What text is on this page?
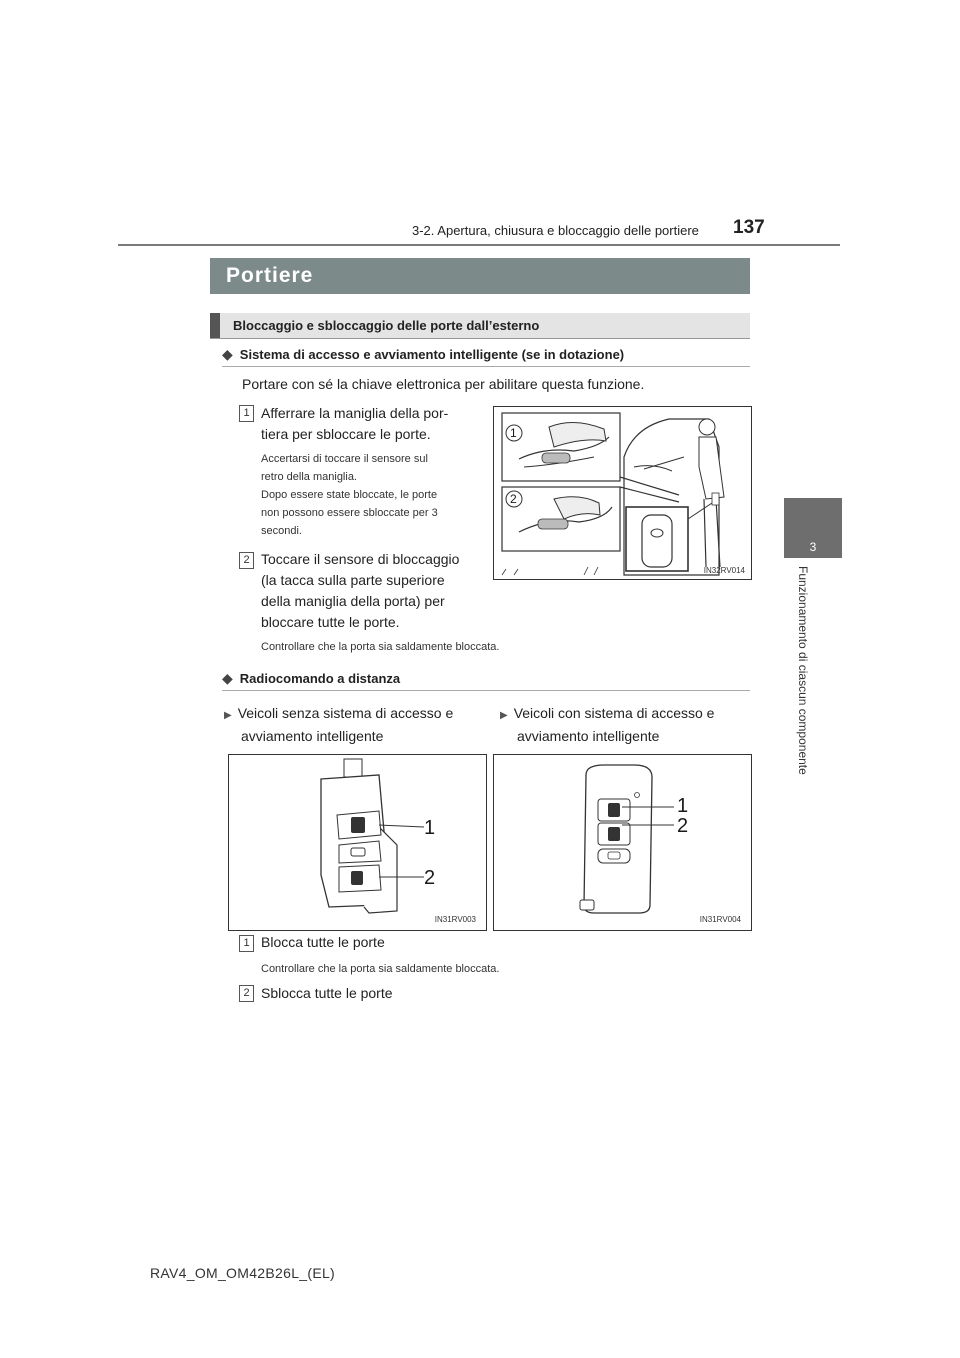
3-2. Apertura, chiusura e bloccaggio delle portiere 137
3
Funzionamento di ciascun componente
Portiere
Bloccaggio e sbloccaggio delle porte dall’esterno
◆ Sistema di accesso e avviamento intelligente (se in dotazione)
Portare con sé la chiave elettronica per abilitare questa funzione.
1 Afferrare la maniglia della por-
tiera per sbloccare le porte.
Accertarsi di toccare il sensore sul
retro della maniglia.
Dopo essere state bloccate, le porte
non possono essere sbloccate per 3
secondi.
2 Toccare il sensore di bloccaggio
(la tacca sulla parte superiore
della maniglia della porta) per
bloccare tutte le porte.
Controllare che la porta sia saldamente bloccata.
1
2
IN32RV014
◆ Radiocomando a distanza
▶ Veicoli senza sistema di accesso e
avviamento intelligente
▶ Veicoli con sistema di accesso e
avviamento intelligente
1
2
IN31RV003
1
2
IN31RV004
1 Blocca tutte le porte
Controllare che la porta sia saldamente bloccata.
2 Sblocca tutte le porte
RAV4_OM_OM42B26L_(EL)
